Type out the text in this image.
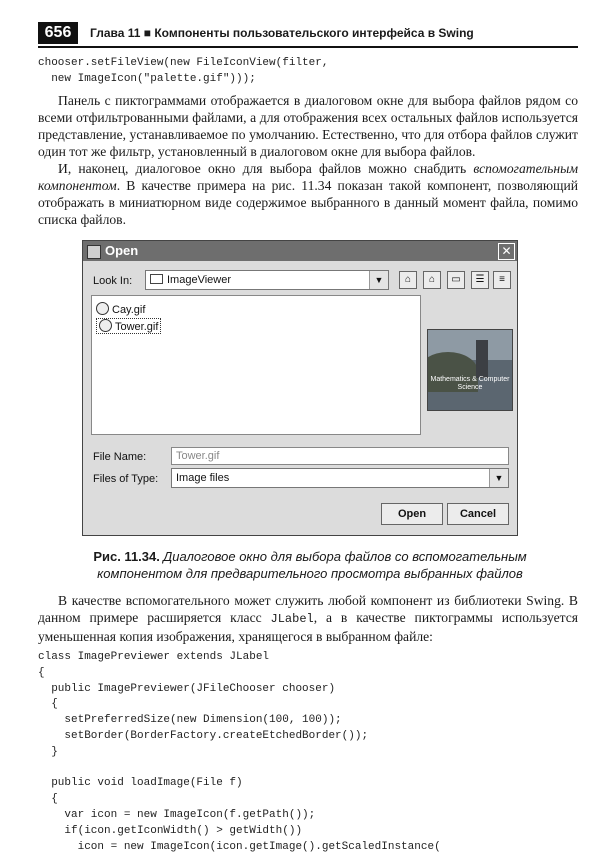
656	Глава 11 ■ Компоненты пользовательского интерфейса в Swing
chooser.setFileView(new FileIconView(filter,
new ImageIcon("palette.gif")));

Панель с пиктограммами отображается в диалоговом окне для выбора файлов рядом со всеми отфильтрованными файлами, а для отображения всех остальных файлов используется представление, устанавливаемое по умолчанию. Естественно, что для отбора файлов служит один тот же фильтр, установленный в диалоговом окне для выбора файлов.

И, наконец, диалоговое окно для выбора файлов можно снабдить вспомогательным компонентом. В качестве примера на рис. 11.34 показан такой компонент, позволяющий отображать в миниатюрном виде содержимое выбранного в данный момент файла, помимо списка файлов.

Open	✕
Look In:	ImageViewer	▼	⌂	⌂	▭	☰	≡
Cay.gif
Tower.gif
Mathematics & Computer Science
File Name:	Tower.gif
Files of Type: Image files	▼
Open	Cancel

Рис. 11.34. Диалоговое окно для выбора файлов со вспомогательным компонентом для предварительного просмотра выбранных файлов

В качестве вспомогательного может служить любой компонент из библиотеки Swing. В данном примере расширяется класс JLabel, а в качестве пиктограммы используется уменьшенная копия изображения, хранящегося в выбранном файле:

class ImagePreviewer extends JLabel
{
public ImagePreviewer(JFileChooser chooser)
{
setPreferredSize(new Dimension(100, 100));
setBorder(BorderFactory.createEtchedBorder());
}

public void loadImage(File f)
{
var icon = new ImageIcon(f.getPath());
if(icon.getIconWidth() > getWidth())
icon = new ImageIcon(icon.getImage().getScaledInstance(
